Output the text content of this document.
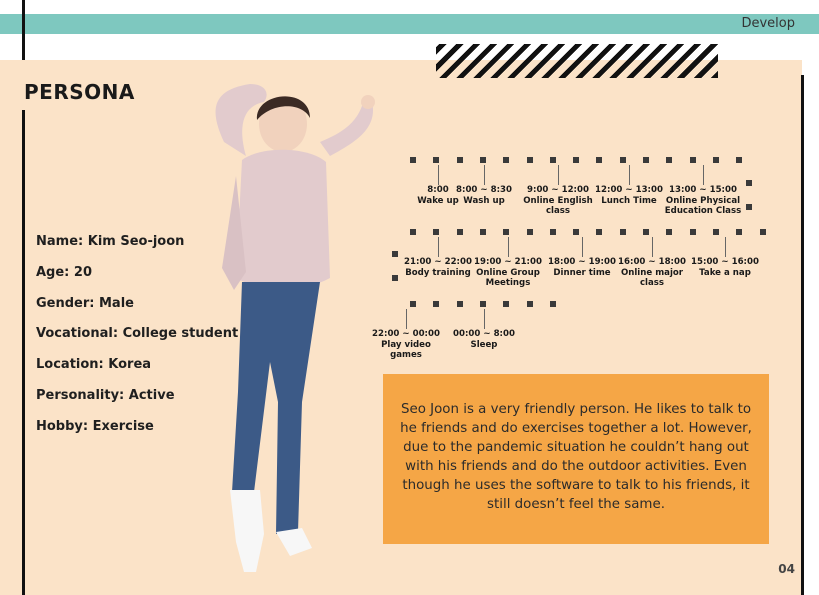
Develop
PERSONA
Name: Kim Seo-joon
Age: 20
Gender: Male
Vocational: College student
Location: Korea
Personality: Active
Hobby: Exercise
8:00
Wake up
8:00 ~ 8:30
Wash up
9:00 ~ 12:00
Online English class
12:00 ~ 13:00
Lunch Time
13:00 ~ 15:00
Online Physical Education Class
21:00 ~ 22:00
Body training
19:00 ~ 21:00
Online Group Meetings
18:00 ~ 19:00
Dinner time
16:00 ~ 18:00
Online major class
15:00 ~ 16:00
Take a nap
22:00 ~ 00:00
Play video games
00:00 ~ 8:00
Sleep
Seo Joon is a very friendly person. He likes to talk to he friends and do exercises together a lot. However, due to the pandemic situation he couldn’t hang out with his friends and do the outdoor activities. Even though he uses the software to talk to his friends, it still doesn’t feel the same.
04
